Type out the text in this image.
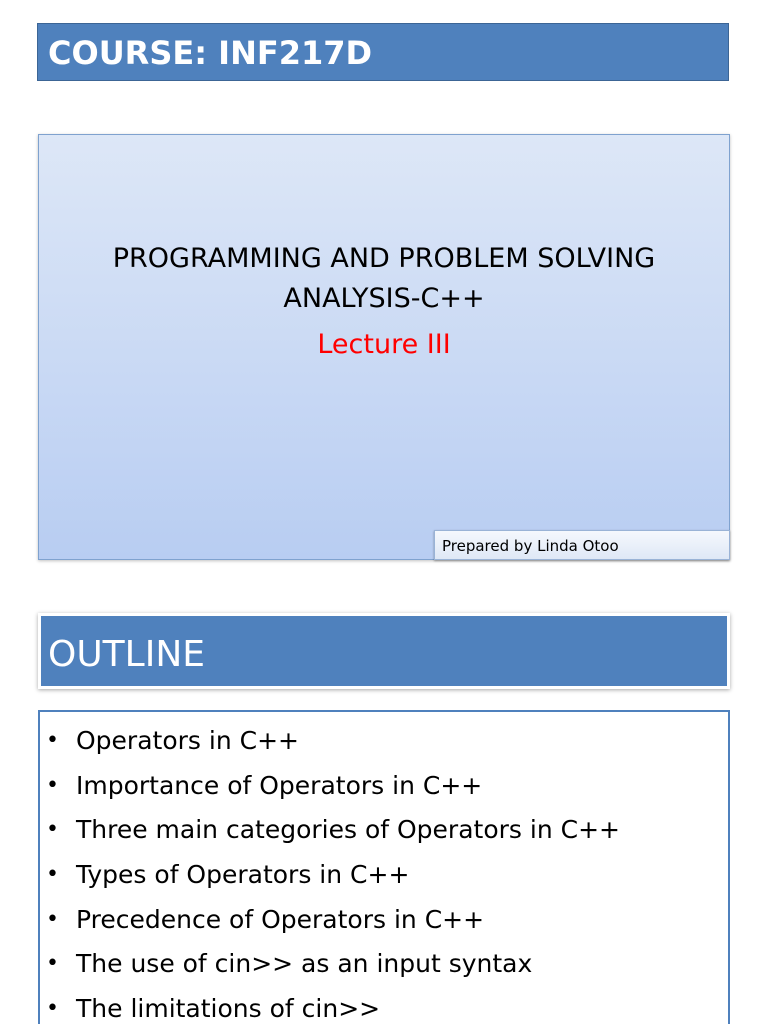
COURSE: INF217D
PROGRAMMING AND PROBLEM SOLVING
ANALYSIS-C++
Lecture III
Prepared by Linda Otoo
OUTLINE
• Operators in C++
• Importance of Operators in C++
• Three main categories of Operators in C++
• Types of Operators in C++
• Precedence of Operators in C++
• The use of cin>> as an input syntax
• The limitations of cin>>
